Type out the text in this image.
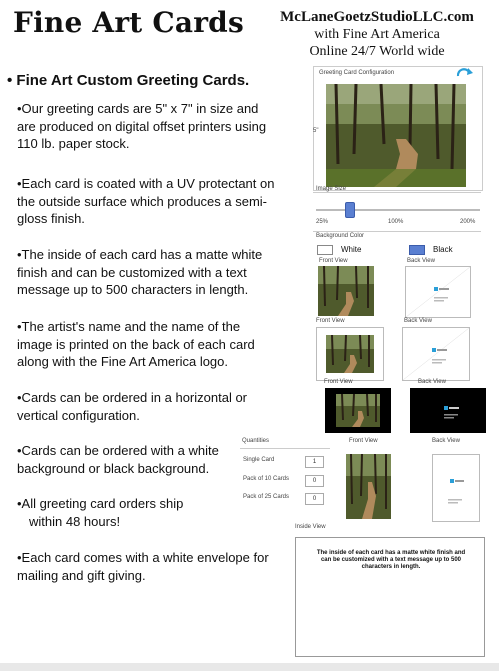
Fine Art Cards	McLaneGoetzStudioLLC.com
with Fine Art America
Online 24/7 World wide
• Fine Art Custom Greeting Cards.
•Our greeting cards are 5" x 7" in size and are produced on digital offset printers using 110 lb. paper stock.
•Each card is coated with a UV protectant on the outside surface which produces a semi-gloss finish.
•The inside of each card has a matte white finish and can be customized with a text message up to 500 characters in length.
•The artist's name and the name of the image is printed on the back of each card along with the Fine Art America logo.
•Cards can be ordered in a horizontal or vertical configuration.
•Cards can be ordered with a white background or black background.
•All greeting card orders ship
within 48 hours!
•Each card comes with a white envelope for mailing and gift giving.
Greeting Card Configuration
5"
Image Size
25%	100%	200%
Background Color
White	Black
Front View	Back View
Front View	Back View
Front View	Back View
Quantities
Single Card	1
Pack of 10 Cards	0
Pack of 25 Cards	0
Front View	Back View
Inside View
The inside of each card has a matte white finish and can be customized with a text message up to 500 characters in length.
